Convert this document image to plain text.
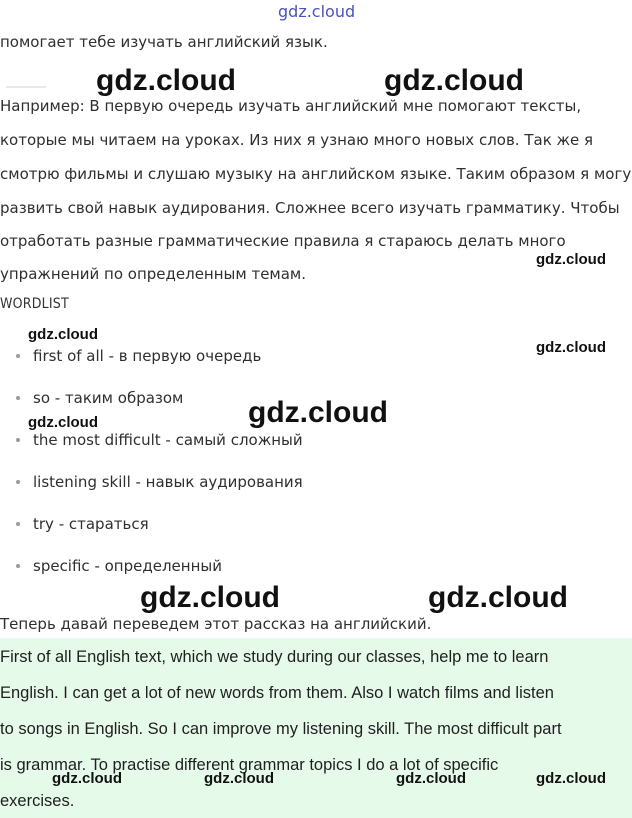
gdz.cloud
помогает тебе изучать английский язык.
Например: В первую очередь изучать английский мне помогают тексты,
которые мы читаем на уроках. Из них я узнаю много новых слов. Так же я
смотрю фильмы и слушаю музыку на английском языке. Таким образом я могу
развить свой навык аудирования. Сложнее всего изучать грамматику. Чтобы
отработать разные грамматические правила я стараюсь делать много
упражнений по определенным темам.
WORDLIST
first of all - в первую очередь
so - таким образом
the most difficult - самый сложный
listening skill - навык аудирования
try - стараться
specific - определенный
Теперь давай переведем этот рассказ на английский.
First of all English text, which we study during our classes, help me to learn
English. I can get a lot of new words from them. Also I watch films and listen
to songs in English. So I can improve my listening skill. The most difficult part
is grammar. To practise different grammar topics I do a lot of specific
exercises.
gdz.cloud	gdz.cloud
gdz.cloud
gdz.cloud
gdz.cloud
gdz.cloud	gdz.cloud
gdz.cloud	gdz.cloud
gdz.cloud	gdz.cloud	gdz.cloud	gdz.cloud
